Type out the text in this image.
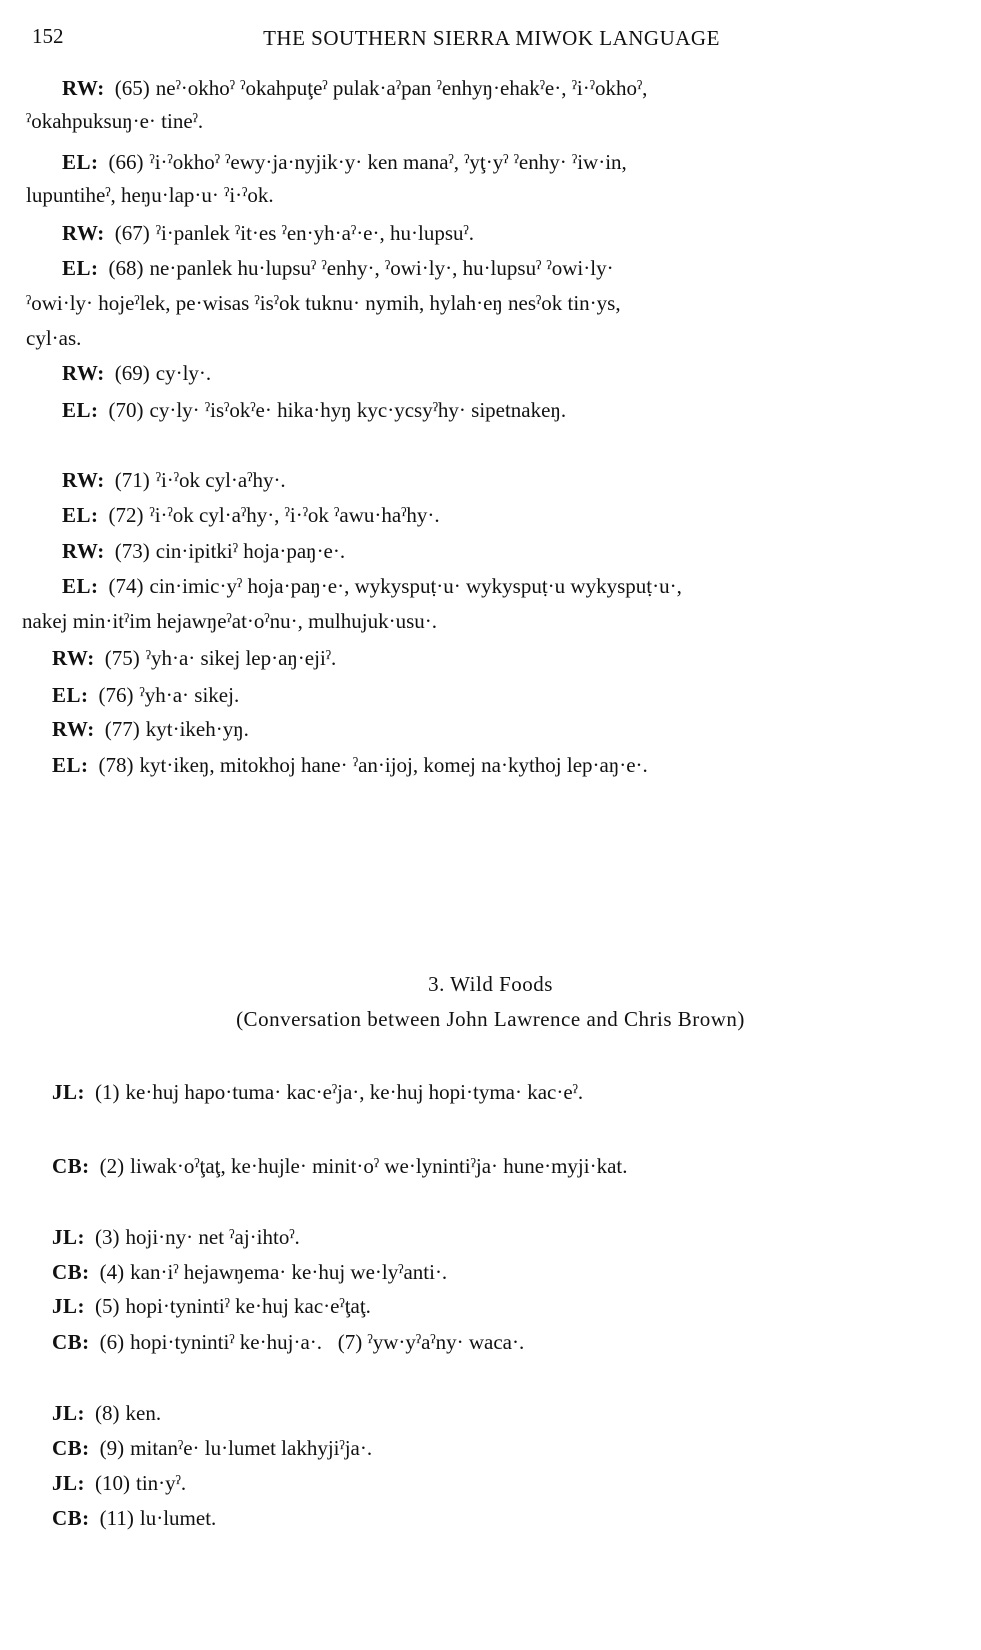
152	THE SOUTHERN SIERRA MIWOK LANGUAGE
RW: (65) neˀ·okhoˀ ˀokahpuţeˀ pulak·aˀpan ˀenhyŋ·ehakˀe·, ˀi·ˀokhoˀ,
ˀokahpuksuŋ·e· tineˀ.
EL: (66) ˀi·ˀokhoˀ ˀewy·ja·nyjik·y· ken manaˀ, ˀyţ·yˀ ˀenhy· ˀiw·in,
lupuntiheˀ, heŋu·lap·u· ˀi·ˀok.
RW: (67) ˀi·panlek ˀit·es ˀen·yh·aˀ·e·, hu·lupsuˀ.
EL: (68) ne·panlek hu·lupsuˀ ˀenhy·, ˀowi·ly·, hu·lupsuˀ ˀowi·ly·
ˀowi·ly· hojeˀlek, pe·wisas ˀisˀok tuknu· nymih, hylah·eŋ nesˀok tin·ys,
cyl·as.
RW: (69) cy·ly·.
EL: (70) cy·ly· ˀisˀokˀe· hika·hyŋ kyc·ycsyˀhy· sipetnakeŋ.
RW: (71) ˀi·ˀok cyl·aˀhy·.
EL: (72) ˀi·ˀok cyl·aˀhy·, ˀi·ˀok ˀawu·haˀhy·.
RW: (73) cin·ipitkiˀ hoja·paŋ·e·.
EL: (74) cin·imic·yˀ hoja·paŋ·e·, wykyspuṭ·u· wykyspuṭ·u wykyspuṭ·u·,
nakej min·itˀim hejawŋeˀat·oˀnu·, mulhujuk·usu·.
RW: (75) ˀyh·a· sikej lep·aŋ·ejiˀ.
EL: (76) ˀyh·a· sikej.
RW: (77) kyt·ikeh·yŋ.
EL: (78) kyt·ikeŋ, mitokhoj hane· ˀan·ijoj, komej na·kythoj lep·aŋ·e·.
3. Wild Foods
(Conversation between John Lawrence and Chris Brown)
JL: (1) ke·huj hapo·tuma· kac·eˀja·, ke·huj hopi·tyma· kac·eˀ.
CB: (2) liwak·oˀţaţ, ke·hujle· minit·oˀ we·lynintiˀja· hune·myji·kat.
JL: (3) hoji·ny· net ˀaj·ihtoˀ.
CB: (4) kan·iˀ hejawŋema· ke·huj we·lyˀanti·.
JL: (5) hopi·tynintiˀ ke·huj kac·eˀţaţ.
CB: (6) hopi·tynintiˀ ke·huj·a·.   (7) ˀyw·yˀaˀny· waca·.
JL: (8) ken.
CB: (9) mitanˀe· lu·lumet lakhyjiˀja·.
JL: (10) tin·yˀ.
CB: (11) lu·lumet.
